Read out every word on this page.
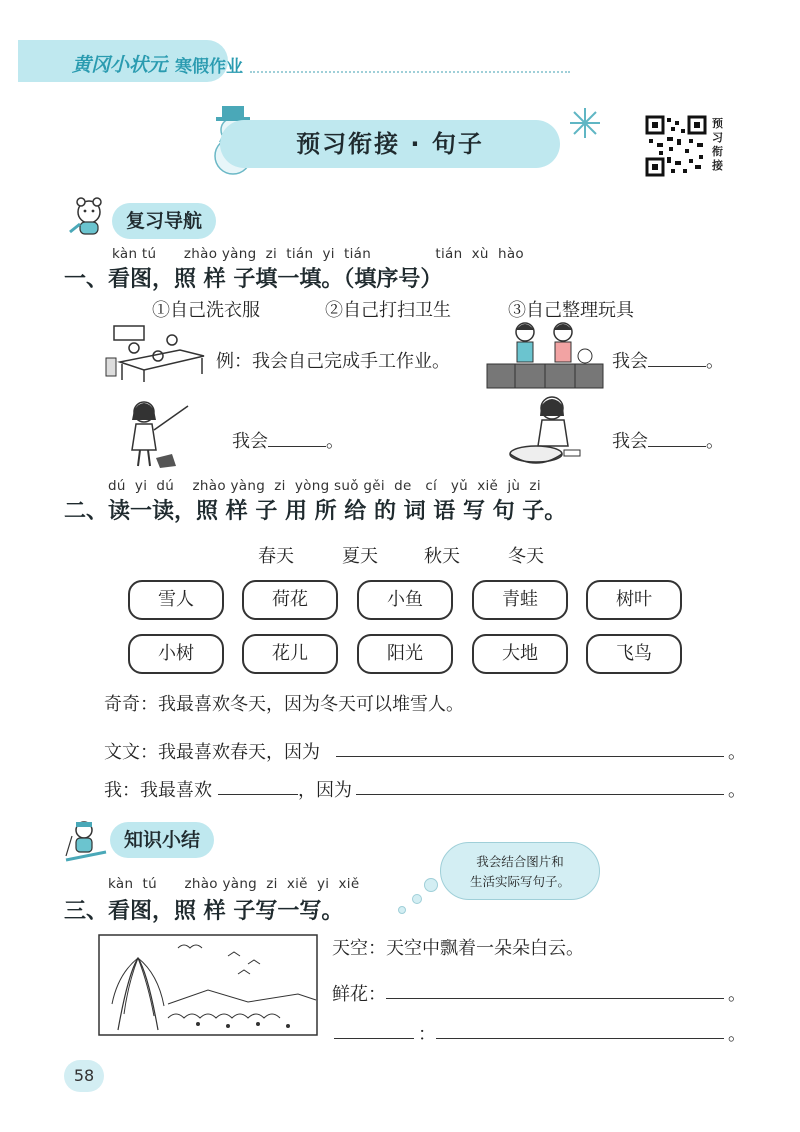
黄冈小状元 寒假作业
预习衔接 · 句子
预习衔接
复习导航
kàn tú      zhào yàng  zi  tián  yi  tián              tián  xù  hào
一、看图，照 样 子填一填。（填序号）
①自己洗衣服	②自己打扫卫生	③自己整理玩具
例：我会自己完成手工作业。	我会	。
我会	。	我会	。
dú  yi  dú    zhào yàng  zi  yòng suǒ gěi  de   cí   yǔ  xiě  jù  zi
二、读一读，照 样 子 用 所 给 的 词 语 写 句 子。
春天	夏天	秋天	冬天
雪人	荷花	小鱼	青蛙	树叶
小树	花儿	阳光	大地	飞鸟
奇奇：我最喜欢冬天，因为冬天可以堆雪人。
文文：我最喜欢春天，因为	。
我：我最喜欢	，因为	。
知识小结
我会结合图片和
生活实际写句子。
kàn  tú      zhào yàng  zi  xiě  yi  xiě
三、看图，照 样 子写一写。
天空：天空中飘着一朵朵白云。
鲜花：	。
：	。
58
